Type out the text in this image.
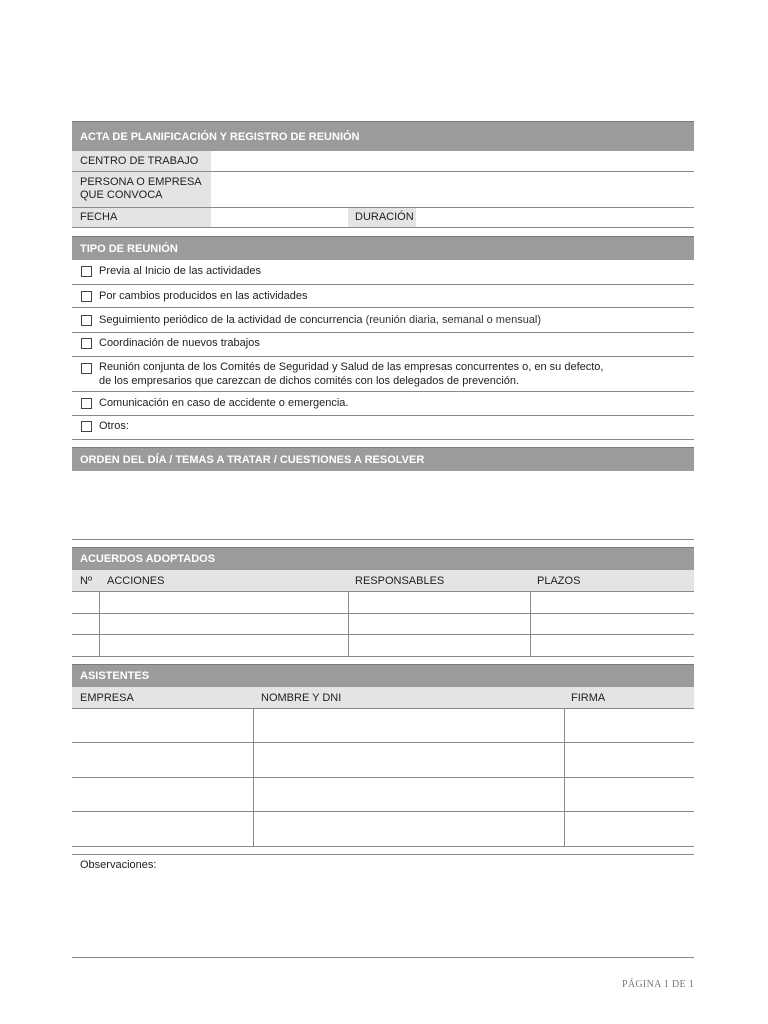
ACTA DE PLANIFICACIÓN Y REGISTRO DE REUNIÓN
CENTRO DE TRABAJO
PERSONA O EMPRESA
QUE CONVOCA
FECHA	DURACIÓN
TIPO DE REUNIÓN
Previa al Inicio de las actividades
Por cambios producidos en las actividades
Seguimiento periódico de la actividad de concurrencia (reunión diaria, semanal o mensual)
Coordinación de nuevos trabajos
Reunión conjunta de los Comités de Seguridad y Salud de las empresas concurrentes o, en su defecto,
de los empresarios que carezcan de dichos comités con los delegados de prevención.
Comunicación en caso de accidente o emergencia.
Otros:
ORDEN DEL DÍA / TEMAS A TRATAR / CUESTIONES A RESOLVER
ACUERDOS ADOPTADOS
Nº ACCIONES	RESPONSABLES	PLAZOS
ASISTENTES
EMPRESA	NOMBRE Y DNI	FIRMA
Observaciones:
PÁGINA 1 DE 1
